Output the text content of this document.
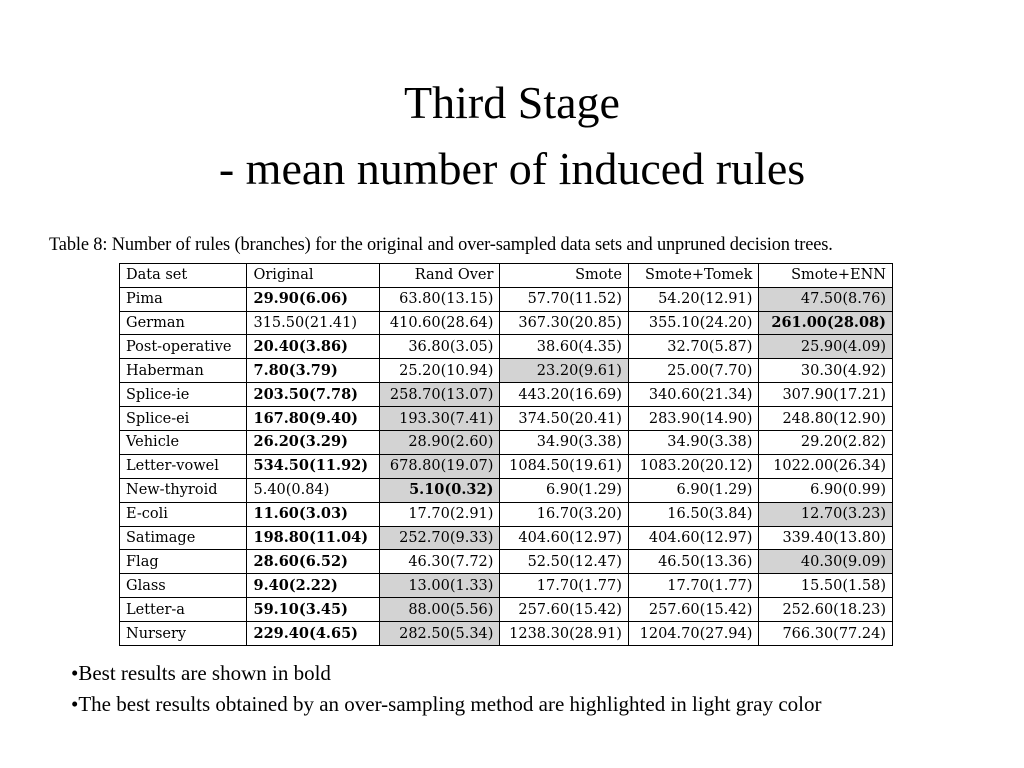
Third Stage
- mean number of induced rules
Table 8: Number of rules (branches) for the original and over-sampled data sets and unpruned decision trees.
Data set	Original	Rand Over	Smote	Smote+Tomek	Smote+ENN
Pima	29.90(6.06)	63.80(13.15)	57.70(11.52)	54.20(12.91)	47.50(8.76)
German	315.50(21.41)	410.60(28.64)	367.30(20.85)	355.10(24.20)	261.00(28.08)
Post-operative	20.40(3.86)	36.80(3.05)	38.60(4.35)	32.70(5.87)	25.90(4.09)
Haberman	7.80(3.79)	25.20(10.94)	23.20(9.61)	25.00(7.70)	30.30(4.92)
Splice-ie	203.50(7.78)	258.70(13.07)	443.20(16.69)	340.60(21.34)	307.90(17.21)
Splice-ei	167.80(9.40)	193.30(7.41)	374.50(20.41)	283.90(14.90)	248.80(12.90)
Vehicle	26.20(3.29)	28.90(2.60)	34.90(3.38)	34.90(3.38)	29.20(2.82)
Letter-vowel	534.50(11.92)	678.80(19.07)	1084.50(19.61)	1083.20(20.12)	1022.00(26.34)
New-thyroid	5.40(0.84)	5.10(0.32)	6.90(1.29)	6.90(1.29)	6.90(0.99)
E-coli	11.60(3.03)	17.70(2.91)	16.70(3.20)	16.50(3.84)	12.70(3.23)
Satimage	198.80(11.04)	252.70(9.33)	404.60(12.97)	404.60(12.97)	339.40(13.80)
Flag	28.60(6.52)	46.30(7.72)	52.50(12.47)	46.50(13.36)	40.30(9.09)
Glass	9.40(2.22)	13.00(1.33)	17.70(1.77)	17.70(1.77)	15.50(1.58)
Letter-a	59.10(3.45)	88.00(5.56)	257.60(15.42)	257.60(15.42)	252.60(18.23)
Nursery	229.40(4.65)	282.50(5.34)	1238.30(28.91)	1204.70(27.94)	766.30(77.24)

•Best results are shown in bold

•The best results obtained by an over-sampling method are highlighted in light gray color
